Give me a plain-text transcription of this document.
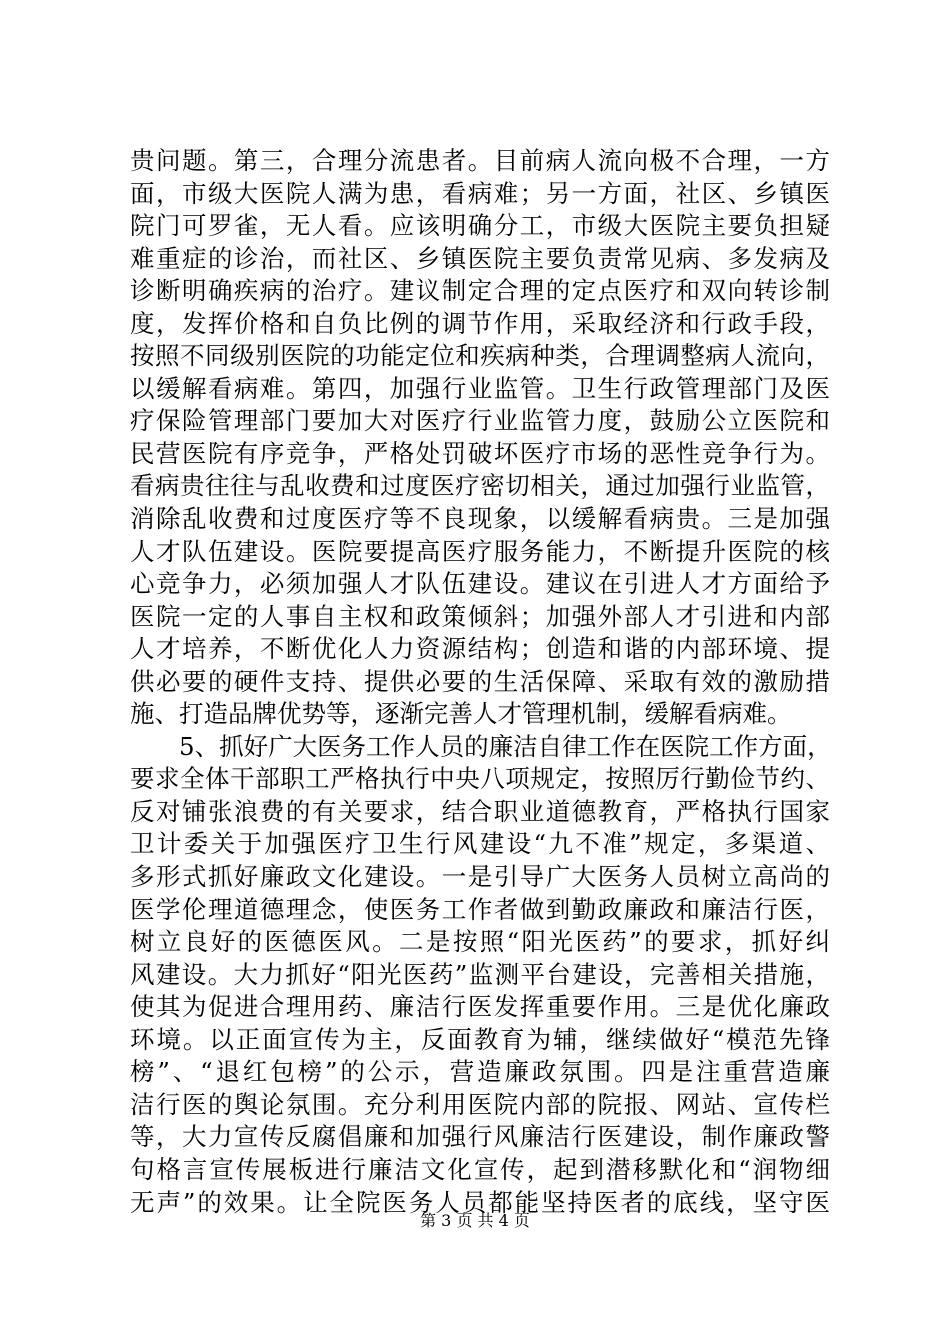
贵问题。第三，合理分流患者。目前病人流向极不合理，一方
面，市级大医院人满为患，看病难；另一方面，社区、乡镇医
院门可罗雀，无人看。应该明确分工，市级大医院主要负担疑
难重症的诊治，而社区、乡镇医院主要负责常见病、多发病及
诊断明确疾病的治疗。建议制定合理的定点医疗和双向转诊制
度，发挥价格和自负比例的调节作用，采取经济和行政手段，
按照不同级别医院的功能定位和疾病种类，合理调整病人流向，
以缓解看病难。第四，加强行业监管。卫生行政管理部门及医
疗保险管理部门要加大对医疗行业监管力度，鼓励公立医院和
民营医院有序竞争，严格处罚破坏医疗市场的恶性竞争行为。
看病贵往往与乱收费和过度医疗密切相关，通过加强行业监管，
消除乱收费和过度医疗等不良现象，以缓解看病贵。三是加强
人才队伍建设。医院要提高医疗服务能力，不断提升医院的核
心竞争力，必须加强人才队伍建设。建议在引进人才方面给予
医院一定的人事自主权和政策倾斜；加强外部人才引进和内部
人才培养，不断优化人力资源结构；创造和谐的内部环境、提
供必要的硬件支持、提供必要的生活保障、采取有效的激励措
施、打造品牌优势等，逐渐完善人才管理机制，缓解看病难。
5、抓好广大医务工作人员的廉洁自律工作在医院工作方面，
要求全体干部职工严格执行中央八项规定，按照厉行勤俭节约、
反对铺张浪费的有关要求，结合职业道德教育，严格执行国家
卫计委关于加强医疗卫生行风建设“九不准”规定，多渠道、
多形式抓好廉政文化建设。一是引导广大医务人员树立高尚的
医学伦理道德理念，使医务工作者做到勤政廉政和廉洁行医，
树立良好的医德医风。二是按照“阳光医药”的要求，抓好纠
风建设。大力抓好“阳光医药”监测平台建设，完善相关措施，
使其为促进合理用药、廉洁行医发挥重要作用。三是优化廉政
环境。以正面宣传为主，反面教育为辅，继续做好“模范先锋
榜”、“退红包榜”的公示，营造廉政氛围。四是注重营造廉
洁行医的舆论氛围。充分利用医院内部的院报、网站、宣传栏
等，大力宣传反腐倡廉和加强行风廉洁行医建设，制作廉政警
句格言宣传展板进行廉洁文化宣传，起到潜移默化和“润物细
无声”的效果。让全院医务人员都能坚持医者的底线，坚守医
第 3 页 共 4 页
